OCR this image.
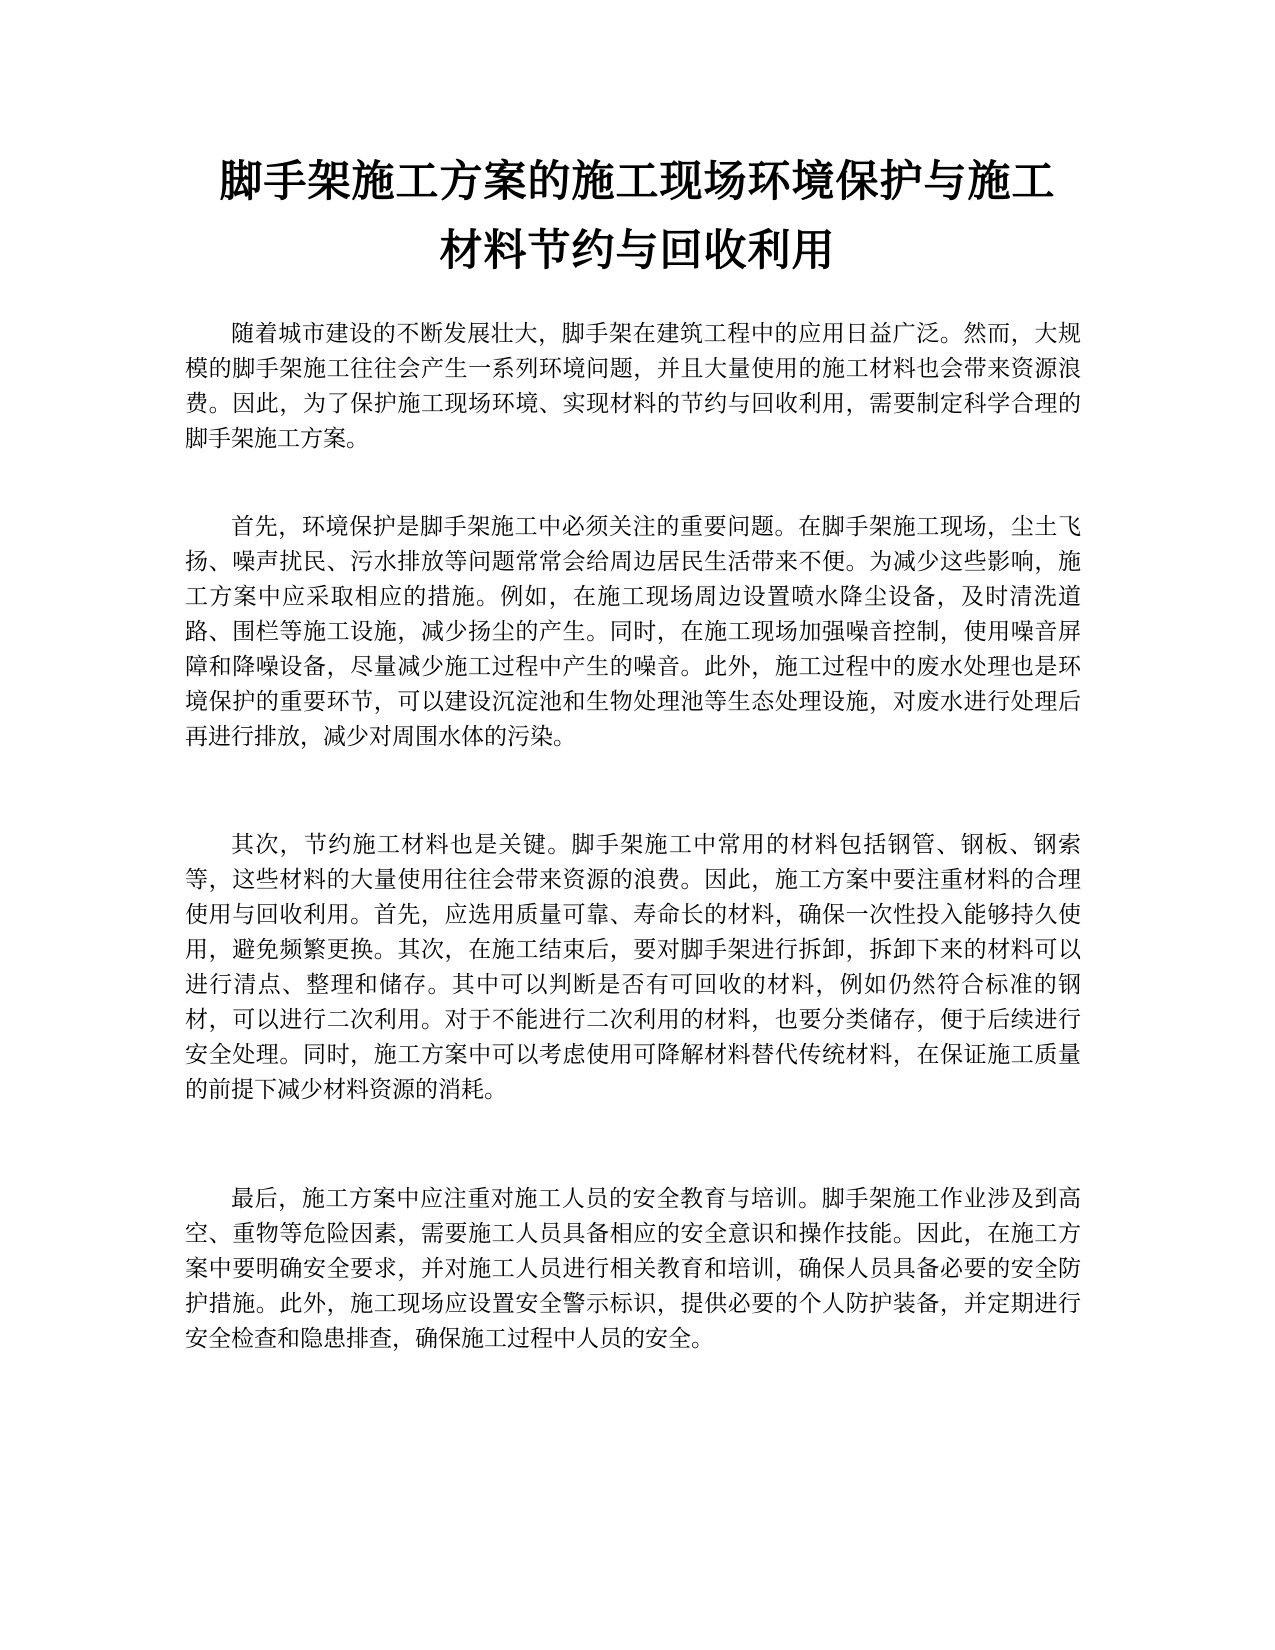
脚手架施工方案的施工现场环境保护与施工
材料节约与回收利用

随着城市建设的不断发展壮大，脚手架在建筑工程中的应用日益广泛。然而，大规模的脚手架施工往往会产生一系列环境问题，并且大量使用的施工材料也会带来资源浪费。因此，为了保护施工现场环境、实现材料的节约与回收利用，需要制定科学合理的脚手架施工方案。

首先，环境保护是脚手架施工中必须关注的重要问题。在脚手架施工现场，尘土飞扬、噪声扰民、污水排放等问题常常会给周边居民生活带来不便。为减少这些影响，施工方案中应采取相应的措施。例如，在施工现场周边设置喷水降尘设备，及时清洗道路、围栏等施工设施，减少扬尘的产生。同时，在施工现场加强噪音控制，使用噪音屏障和降噪设备，尽量减少施工过程中产生的噪音。此外，施工过程中的废水处理也是环境保护的重要环节，可以建设沉淀池和生物处理池等生态处理设施，对废水进行处理后再进行排放，减少对周围水体的污染。

其次，节约施工材料也是关键。脚手架施工中常用的材料包括钢管、钢板、钢索等，这些材料的大量使用往往会带来资源的浪费。因此，施工方案中要注重材料的合理使用与回收利用。首先，应选用质量可靠、寿命长的材料，确保一次性投入能够持久使用，避免频繁更换。其次，在施工结束后，要对脚手架进行拆卸，拆卸下来的材料可以进行清点、整理和储存。其中可以判断是否有可回收的材料，例如仍然符合标准的钢材，可以进行二次利用。对于不能进行二次利用的材料，也要分类储存，便于后续进行安全处理。同时，施工方案中可以考虑使用可降解材料替代传统材料，在保证施工质量的前提下减少材料资源的消耗。

最后，施工方案中应注重对施工人员的安全教育与培训。脚手架施工作业涉及到高空、重物等危险因素，需要施工人员具备相应的安全意识和操作技能。因此，在施工方案中要明确安全要求，并对施工人员进行相关教育和培训，确保人员具备必要的安全防护措施。此外，施工现场应设置安全警示标识，提供必要的个人防护装备，并定期进行安全检查和隐患排查，确保施工过程中人员的安全。
